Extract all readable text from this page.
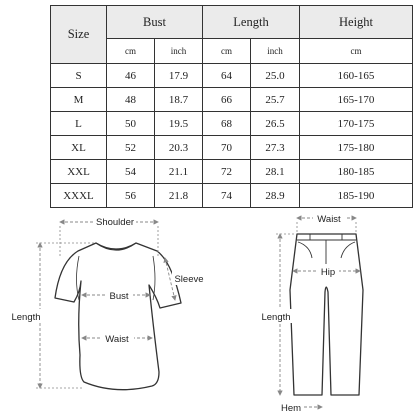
Size	Bust		Length		Height
	cm	inch	cm	inch	cm
S	46	17.9	64	25.0	160-165
M	48	18.7	66	25.7	165-170
L	50	19.5	68	26.5	170-175
XL	52	20.3	70	27.3	175-180
XXL	54	21.1	72	28.1	180-185
XXXL	56	21.8	74	28.9	185-190
Shoulder
Sleeve
Bust
Waist
Length
Waist
Hip
Length
Hem
